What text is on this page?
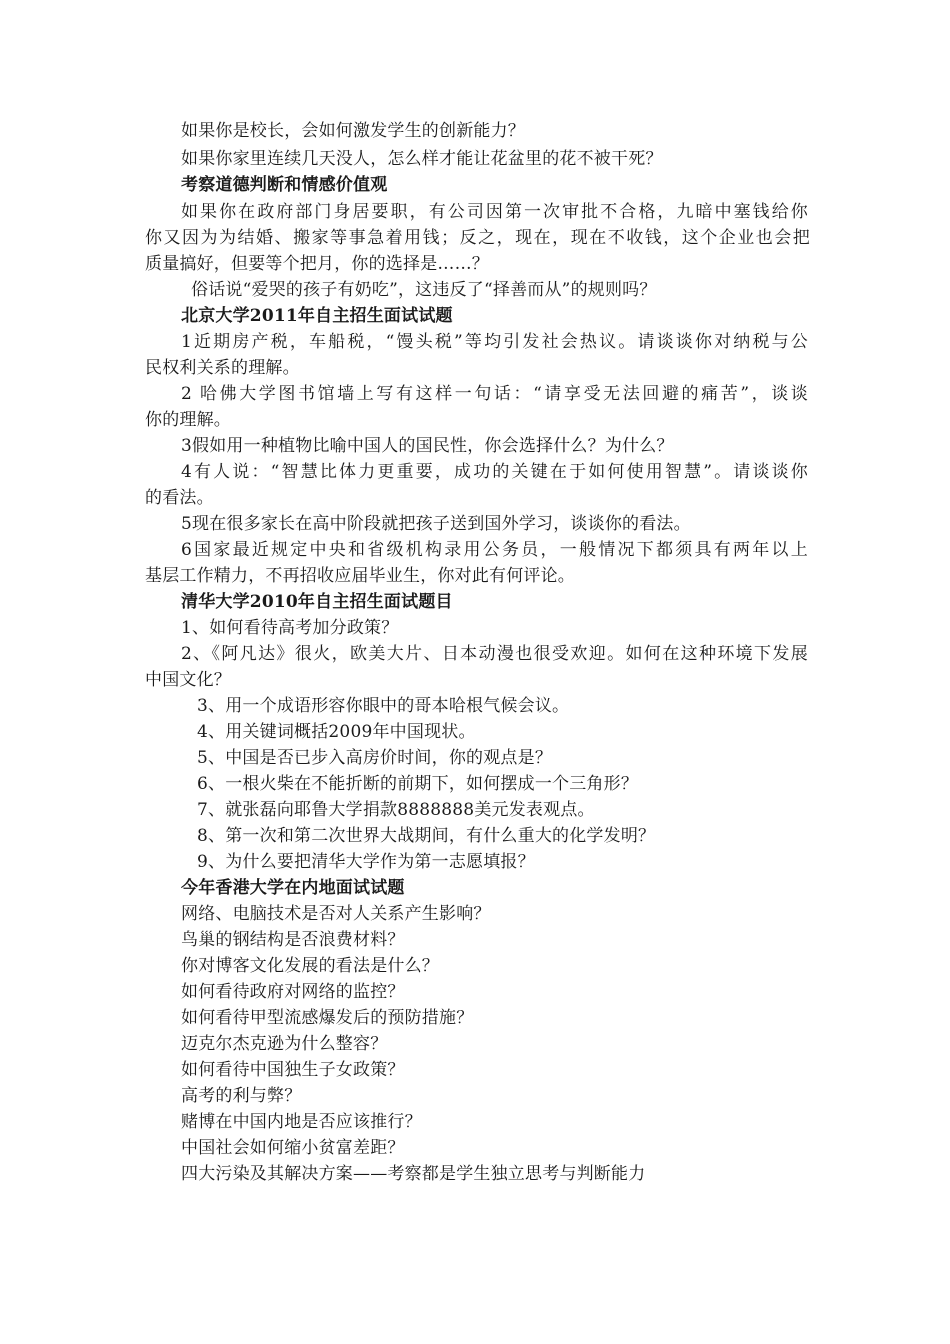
如果你是校长，会如何激发学生的创新能力？
如果你家里连续几天没人，怎么样才能让花盆里的花不被干死？
考察道德判断和情感价值观
如果你在政府部门身居要职，有公司因第一次审批不合格，九暗中塞钱给你
你又因为为结婚、搬家等事急着用钱；反之，现在，现在不收钱，这个企业也会把
质量搞好，但要等个把月，你的选择是……？
俗话说“爱哭的孩子有奶吃”，这违反了“择善而从”的规则吗？
北京大学2011年自主招生面试试题
1近期房产税，车船税，“馒头税”等均引发社会热议。请谈谈你对纳税与公
民权利关系的理解。
2 哈佛大学图书馆墙上写有这样一句话：“请享受无法回避的痛苦”，谈谈
你的理解。
3假如用一种植物比喻中国人的国民性，你会选择什么？为什么？
4有人说：“智慧比体力更重要，成功的关键在于如何使用智慧”。请谈谈你
的看法。
5现在很多家长在高中阶段就把孩子送到国外学习，谈谈你的看法。
6国家最近规定中央和省级机构录用公务员，一般情况下都须具有两年以上
基层工作精力，不再招收应届毕业生，你对此有何评论。
清华大学2010年自主招生面试题目
1、如何看待高考加分政策？
2、《阿凡达》很火，欧美大片、日本动漫也很受欢迎。如何在这种环境下发展
中国文化？
3、用一个成语形容你眼中的哥本哈根气候会议。
4、用关键词概括2009年中国现状。
5、中国是否已步入高房价时间，你的观点是？
6、一根火柴在不能折断的前期下，如何摆成一个三角形？
7、就张磊向耶鲁大学捐款8888888美元发表观点。
8、第一次和第二次世界大战期间，有什么重大的化学发明？
9、为什么要把清华大学作为第一志愿填报？
今年香港大学在内地面试试题
网络、电脑技术是否对人关系产生影响？
鸟巢的钢结构是否浪费材料？
你对博客文化发展的看法是什么？
如何看待政府对网络的监控？
如何看待甲型流感爆发后的预防措施？
迈克尔杰克逊为什么整容？
如何看待中国独生子女政策？
高考的利与弊？
赌博在中国内地是否应该推行？
中国社会如何缩小贫富差距？
四大污染及其解决方案——考察都是学生独立思考与判断能力
